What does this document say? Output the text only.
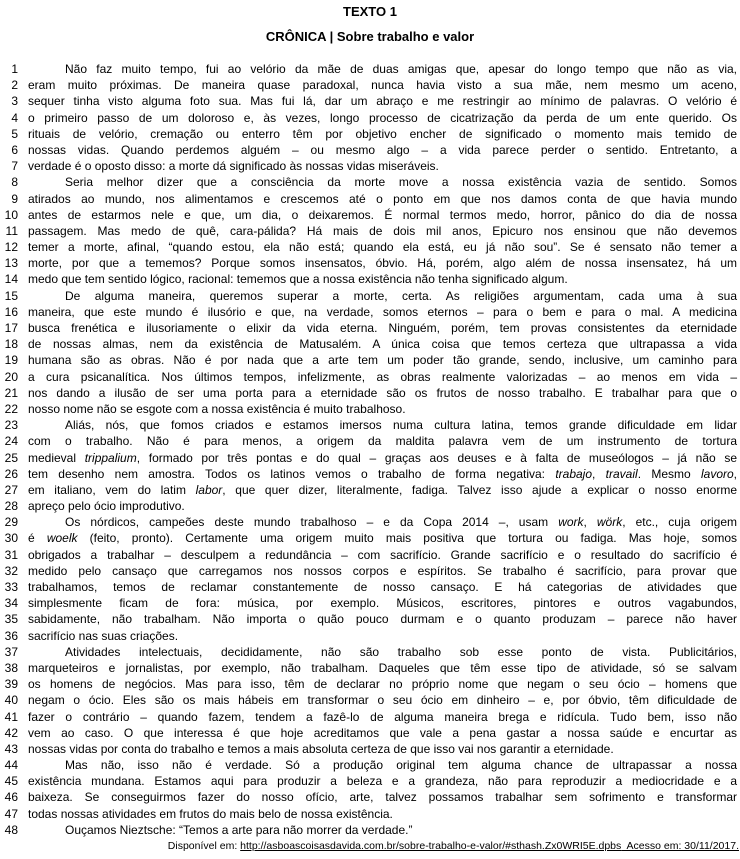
TEXTO 1
CRÔNICA | Sobre trabalho e valor
1	Não faz muito tempo, fui ao velório da mãe de duas amigas que, apesar do longo tempo que não as via,
2 eram muito próximas. De maneira quase paradoxal, nunca havia visto a sua mãe, nem mesmo um aceno,
3 sequer tinha visto alguma foto sua. Mas fui lá, dar um abraço e me restringir ao mínimo de palavras. O velório é
4 o primeiro passo de um doloroso e, às vezes, longo processo de cicatrização da perda de um ente querido. Os
5 rituais de velório, cremação ou enterro têm por objetivo encher de significado o momento mais temido de
6 nossas vidas. Quando perdemos alguém – ou mesmo algo – a vida parece perder o sentido. Entretanto, a
7 verdade é o oposto disso: a morte dá significado às nossas vidas miseráveis.
8	Seria melhor dizer que a consciência da morte move a nossa existência vazia de sentido. Somos
9 atirados ao mundo, nos alimentamos e crescemos até o ponto em que nos damos conta de que havia mundo
10 antes de estarmos nele e que, um dia, o deixaremos. É normal termos medo, horror, pânico do dia de nossa
11 passagem. Mas medo de quê, cara-pálida? Há mais de dois mil anos, Epicuro nos ensinou que não devemos
12 temer a morte, afinal, “quando estou, ela não está; quando ela está, eu já não sou”. Se é sensato não temer a
13 morte, por que a tememos? Porque somos insensatos, óbvio. Há, porém, algo além de nossa insensatez, há um
14 medo que tem sentido lógico, racional: tememos que a nossa existência não tenha significado algum.
15	De alguma maneira, queremos superar a morte, certa. As religiões argumentam, cada uma à sua
16 maneira, que este mundo é ilusório e que, na verdade, somos eternos – para o bem e para o mal. A medicina
17 busca frenética e ilusoriamente o elixir da vida eterna. Ninguém, porém, tem provas consistentes da eternidade
18 de nossas almas, nem da existência de Matusalém. A única coisa que temos certeza que ultrapassa a vida
19 humana são as obras. Não é por nada que a arte tem um poder tão grande, sendo, inclusive, um caminho para
20 a cura psicanalítica. Nos últimos tempos, infelizmente, as obras realmente valorizadas – ao menos em vida –
21 nos dando a ilusão de ser uma porta para a eternidade são os frutos de nosso trabalho. E trabalhar para que o
22 nosso nome não se esgote com a nossa existência é muito trabalhoso.
23	Aliás, nós, que fomos criados e estamos imersos numa cultura latina, temos grande dificuldade em lidar
24 com o trabalho. Não é para menos, a origem da maldita palavra vem de um instrumento de tortura
25 medieval trippalium, formado por três pontas e do qual – graças aos deuses e à falta de museólogos – já não se
26 tem desenho nem amostra. Todos os latinos vemos o trabalho de forma negativa: trabajo, travail. Mesmo lavoro,
27 em italiano, vem do latim labor, que quer dizer, literalmente, fadiga. Talvez isso ajude a explicar o nosso enorme
28 apreço pelo ócio improdutivo.
29	Os nórdicos, campeões deste mundo trabalhoso – e da Copa 2014 –, usam work, wörk, etc., cuja origem
30 é woelk (feito, pronto). Certamente uma origem muito mais positiva que tortura ou fadiga. Mas hoje, somos
31 obrigados a trabalhar – desculpem a redundância – com sacrifício. Grande sacrifício e o resultado do sacrifício é
32 medido pelo cansaço que carregamos nos nossos corpos e espíritos. Se trabalho é sacrifício, para provar que
33 trabalhamos, temos de reclamar constantemente de nosso cansaço. E há categorias de atividades que
34 simplesmente ficam de fora: música, por exemplo. Músicos, escritores, pintores e outros vagabundos,
35 sabidamente, não trabalham. Não importa o quão pouco durmam e o quanto produzam – parece não haver
36 sacrifício nas suas criações.
37	Atividades intelectuais, decididamente, não são trabalho sob esse ponto de vista. Publicitários,
38 marqueteiros e jornalistas, por exemplo, não trabalham. Daqueles que têm esse tipo de atividade, só se salvam
39 os homens de negócios. Mas para isso, têm de declarar no próprio nome que negam o seu ócio – homens que
40 negam o ócio. Eles são os mais hábeis em transformar o seu ócio em dinheiro – e, por óbvio, têm dificuldade de
41 fazer o contrário – quando fazem, tendem a fazê-lo de alguma maneira brega e ridícula. Tudo bem, isso não
42 vem ao caso. O que interessa é que hoje acreditamos que vale a pena gastar a nossa saúde e encurtar as
43 nossas vidas por conta do trabalho e temos a mais absoluta certeza de que isso vai nos garantir a eternidade.
44	Mas não, isso não é verdade. Só a produção original tem alguma chance de ultrapassar a nossa
45 existência mundana. Estamos aqui para produzir a beleza e a grandeza, não para reproduzir a mediocridade e a
46 baixeza. Se conseguirmos fazer do nosso ofício, arte, talvez possamos trabalhar sem sofrimento e transformar
47 todas nossas atividades em frutos do mais belo de nossa existência.
48	Ouçamos Nieztsche: “Temos a arte para não morrer da verdade.”
Disponível em: http://asboascoisasdavida.com.br/sobre-trabalho-e-valor/#sthash.Zx0WRI5E.dpbs  Acesso em: 30/11/2017.
